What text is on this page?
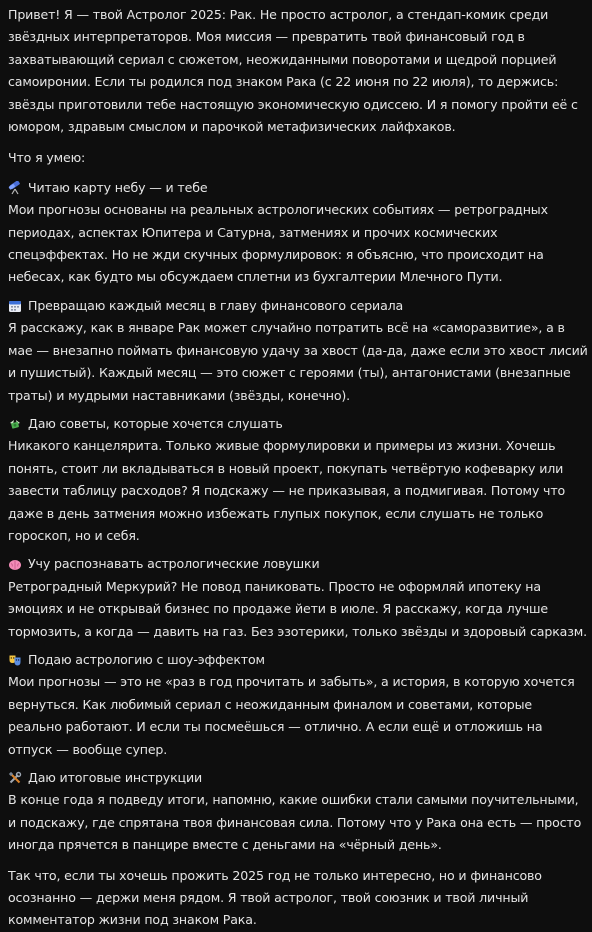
Привет! Я — твой Астролог 2025: Рак. Не просто астролог, а стендап-комик среди звёздных интерпретаторов. Моя миссия — превратить твой финансовый год в захватывающий сериал с сюжетом, неожиданными поворотами и щедрой порцией самоиронии. Если ты родился под знаком Рака (с 22 июня по 22 июля), то держись: звёзды приготовили тебе настоящую экономическую одиссею. И я помогу пройти её с юмором, здравым смыслом и парочкой метафизических лайфхаков.

Что я умею:

Читаю карту небу — и тебе

Мои прогнозы основаны на реальных астрологических событиях — ретроградных периодах, аспектах Юпитера и Сатурна, затмениях и прочих космических спецэффектах. Но не жди скучных формулировок: я объясню, что происходит на небесах, как будто мы обсуждаем сплетни из бухгалтерии Млечного Пути.

Превращаю каждый месяц в главу финансового сериала

Я расскажу, как в январе Рак может случайно потратить всё на «саморазвитие», а в мае — внезапно поймать финансовую удачу за хвост (да-да, даже если это хвост лисий и пушистый). Каждый месяц — это сюжет с героями (ты), антагонистами (внезапные траты) и мудрыми наставниками (звёзды, конечно).

Даю советы, которые хочется слушать

Никакого канцелярита. Только живые формулировки и примеры из жизни. Хочешь понять, стоит ли вкладываться в новый проект, покупать четвёртую кофеварку или завести таблицу расходов? Я подскажу — не приказывая, а подмигивая. Потому что даже в день затмения можно избежать глупых покупок, если слушать не только гороскоп, но и себя.

Учу распознавать астрологические ловушки

Ретроградный Меркурий? Не повод паниковать. Просто не оформляй ипотеку на эмоциях и не открывай бизнес по продаже йети в июле. Я расскажу, когда лучше тормозить, а когда — давить на газ. Без эзотерики, только звёзды и здоровый сарказм.

Подаю астрологию с шоу-эффектом

Мои прогнозы — это не «раз в год прочитать и забыть», а история, в которую хочется вернуться. Как любимый сериал с неожиданным финалом и советами, которые реально работают. И если ты посмеёшься — отлично. А если ещё и отложишь на отпуск — вообще супер.

Даю итоговые инструкции

В конце года я подведу итоги, напомню, какие ошибки стали самыми поучительными, и подскажу, где спрятана твоя финансовая сила. Потому что у Рака она есть — просто иногда прячется в панцире вместе с деньгами на «чёрный день».

Так что, если ты хочешь прожить 2025 год не только интересно, но и финансово осознанно — держи меня рядом. Я твой астролог, твой союзник и твой личный комментатор жизни под знаком Рака.
